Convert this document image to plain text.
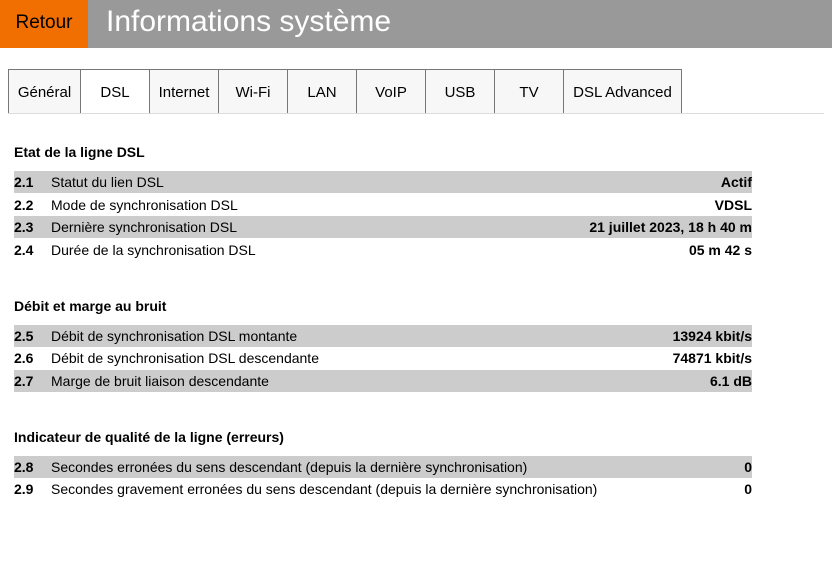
Retour	Informations système
Général	DSL	Internet	Wi-Fi	LAN	VoIP	USB	TV	DSL Advanced
Etat de la ligne DSL
2.1 Statut du lien DSL	Actif
2.2 Mode de synchronisation DSL	VDSL
2.3 Dernière synchronisation DSL	21 juillet 2023, 18 h 40 m
2.4 Durée de la synchronisation DSL	05 m 42 s
Débit et marge au bruit
2.5 Débit de synchronisation DSL montante	13924 kbit/s
2.6 Débit de synchronisation DSL descendante	74871 kbit/s
2.7 Marge de bruit liaison descendante	6.1 dB
Indicateur de qualité de la ligne (erreurs)
2.8 Secondes erronées du sens descendant (depuis la dernière synchronisation)	0
2.9 Secondes gravement erronées du sens descendant (depuis la dernière synchronisation)	0
